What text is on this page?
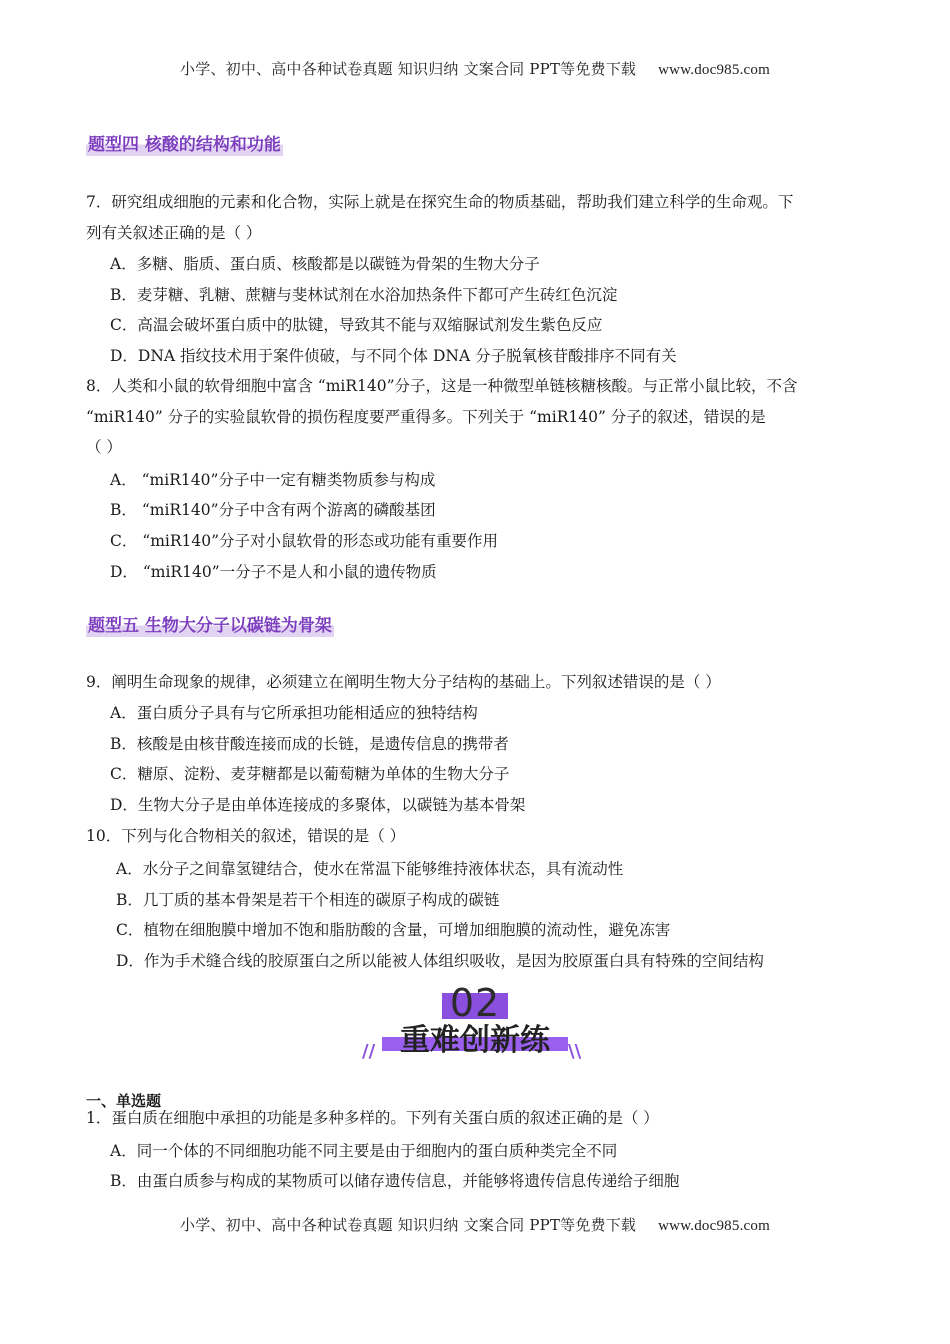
小学、初中、高中各种试卷真题 知识归纳 文案合同 PPT等免费下载 www.doc985.com
题型四 核酸的结构和功能
7．研究组成细胞的元素和化合物，实际上就是在探究生命的物质基础，帮助我们建立科学的生命观。下
列有关叙述正确的是（ ）
A．多糖、脂质、蛋白质、核酸都是以碳链为骨架的生物大分子
B．麦芽糖、乳糖、蔗糖与斐林试剂在水浴加热条件下都可产生砖红色沉淀
C．高温会破坏蛋白质中的肽键，导致其不能与双缩脲试剂发生紫色反应
D．DNA 指纹技术用于案件侦破，与不同个体 DNA 分子脱氧核苷酸排序不同有关
8．人类和小鼠的软骨细胞中富含 “miR140”分子，这是一种微型单链核糖核酸。与正常小鼠比较，不含
“miR140” 分子的实验鼠软骨的损伤程度要严重得多。下列关于 “miR140” 分子的叙述，错误的是
（ ）
A． “miR140”分子中一定有糖类物质参与构成
B． “miR140”分子中含有两个游离的磷酸基团
C． “miR140”分子对小鼠软骨的形态或功能有重要作用
D． “miR140”一分子不是人和小鼠的遗传物质
题型五 生物大分子以碳链为骨架
9．阐明生命现象的规律，必须建立在阐明生物大分子结构的基础上。下列叙述错误的是（ ）
A．蛋白质分子具有与它所承担功能相适应的独特结构
B．核酸是由核苷酸连接而成的长链，是遗传信息的携带者
C．糖原、淀粉、麦芽糖都是以葡萄糖为单体的生物大分子
D．生物大分子是由单体连接成的多聚体，以碳链为基本骨架
10．下列与化合物相关的叙述，错误的是（ ）
A．水分子之间靠氢键结合，使水在常温下能够维持液体状态，具有流动性
B．几丁质的基本骨架是若干个相连的碳原子构成的碳链
C．植物在细胞膜中增加不饱和脂肪酸的含量，可增加细胞膜的流动性，避免冻害
D．作为手术缝合线的胶原蛋白之所以能被人体组织吸收，是因为胶原蛋白具有特殊的空间结构
02
重难创新练
//	\\
一、单选题
1．蛋白质在细胞中承担的功能是多种多样的。下列有关蛋白质的叙述正确的是（ ）
A．同一个体的不同细胞功能不同主要是由于细胞内的蛋白质种类完全不同
B．由蛋白质参与构成的某物质可以储存遗传信息，并能够将遗传信息传递给子细胞
小学、初中、高中各种试卷真题 知识归纳 文案合同 PPT等免费下载 www.doc985.com
